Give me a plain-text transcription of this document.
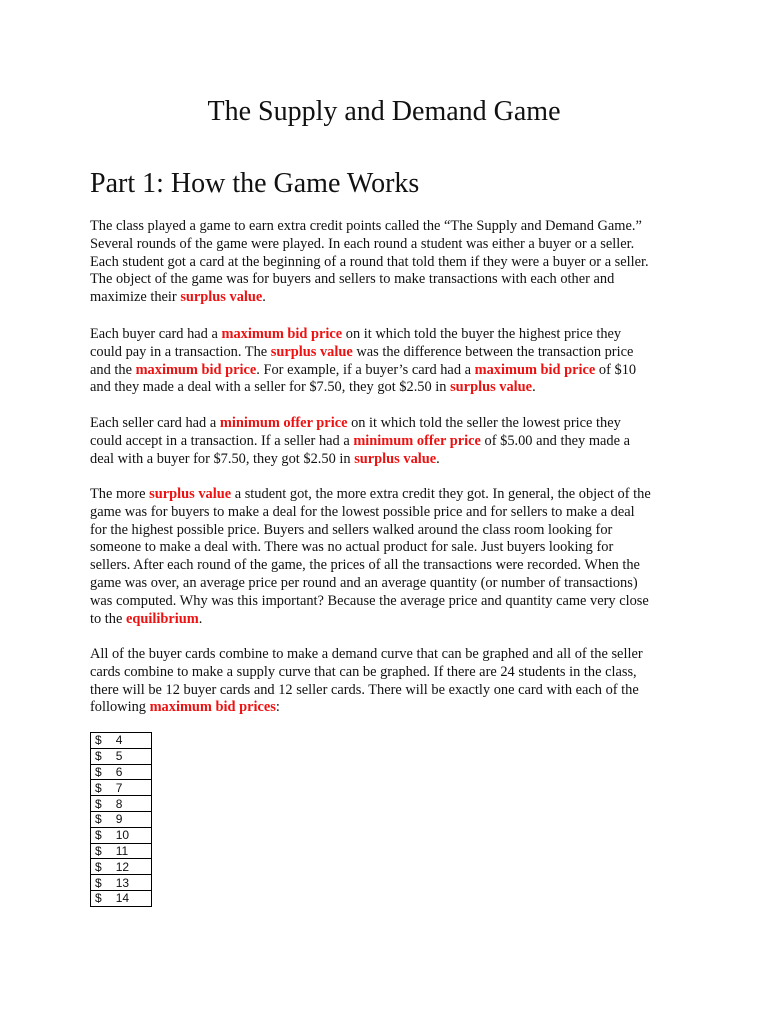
The Supply and Demand Game
Part 1: How the Game Works

The class played a game to earn extra credit points called the “The Supply and Demand Game.”
Several rounds of the game were played. In each round a student was either a buyer or a seller.
Each student got a card at the beginning of a round that told them if they were a buyer or a seller.
The object of the game was for buyers and sellers to make transactions with each other and
maximize their surplus value.

Each buyer card had a maximum bid price on it which told the buyer the highest price they
could pay in a transaction. The surplus value was the difference between the transaction price
and the maximum bid price. For example, if a buyer’s card had a maximum bid price of $10
and they made a deal with a seller for $7.50, they got $2.50 in surplus value.

Each seller card had a minimum offer price on it which told the seller the lowest price they
could accept in a transaction. If a seller had a minimum offer price of $5.00 and they made a
deal with a buyer for $7.50, they got $2.50 in surplus value.

The more surplus value a student got, the more extra credit they got. In general, the object of the
game was for buyers to make a deal for the lowest possible price and for sellers to make a deal
for the highest possible price. Buyers and sellers walked around the class room looking for
someone to make a deal with. There was no actual product for sale. Just buyers looking for
sellers. After each round of the game, the prices of all the transactions were recorded. When the
game was over, an average price per round and an average quantity (or number of transactions)
was computed. Why was this important? Because the average price and quantity came very close
to the equilibrium.

All of the buyer cards combine to make a demand curve that can be graphed and all of the seller
cards combine to make a supply curve that can be graphed. If there are 24 students in the class,
there will be 12 buyer cards and 12 seller cards. There will be exactly one card with each of the
following maximum bid prices:

$ 4
$ 5
$ 6
$ 7
$ 8
$ 9
$ 10
$ 11
$ 12
$ 13
$ 14
